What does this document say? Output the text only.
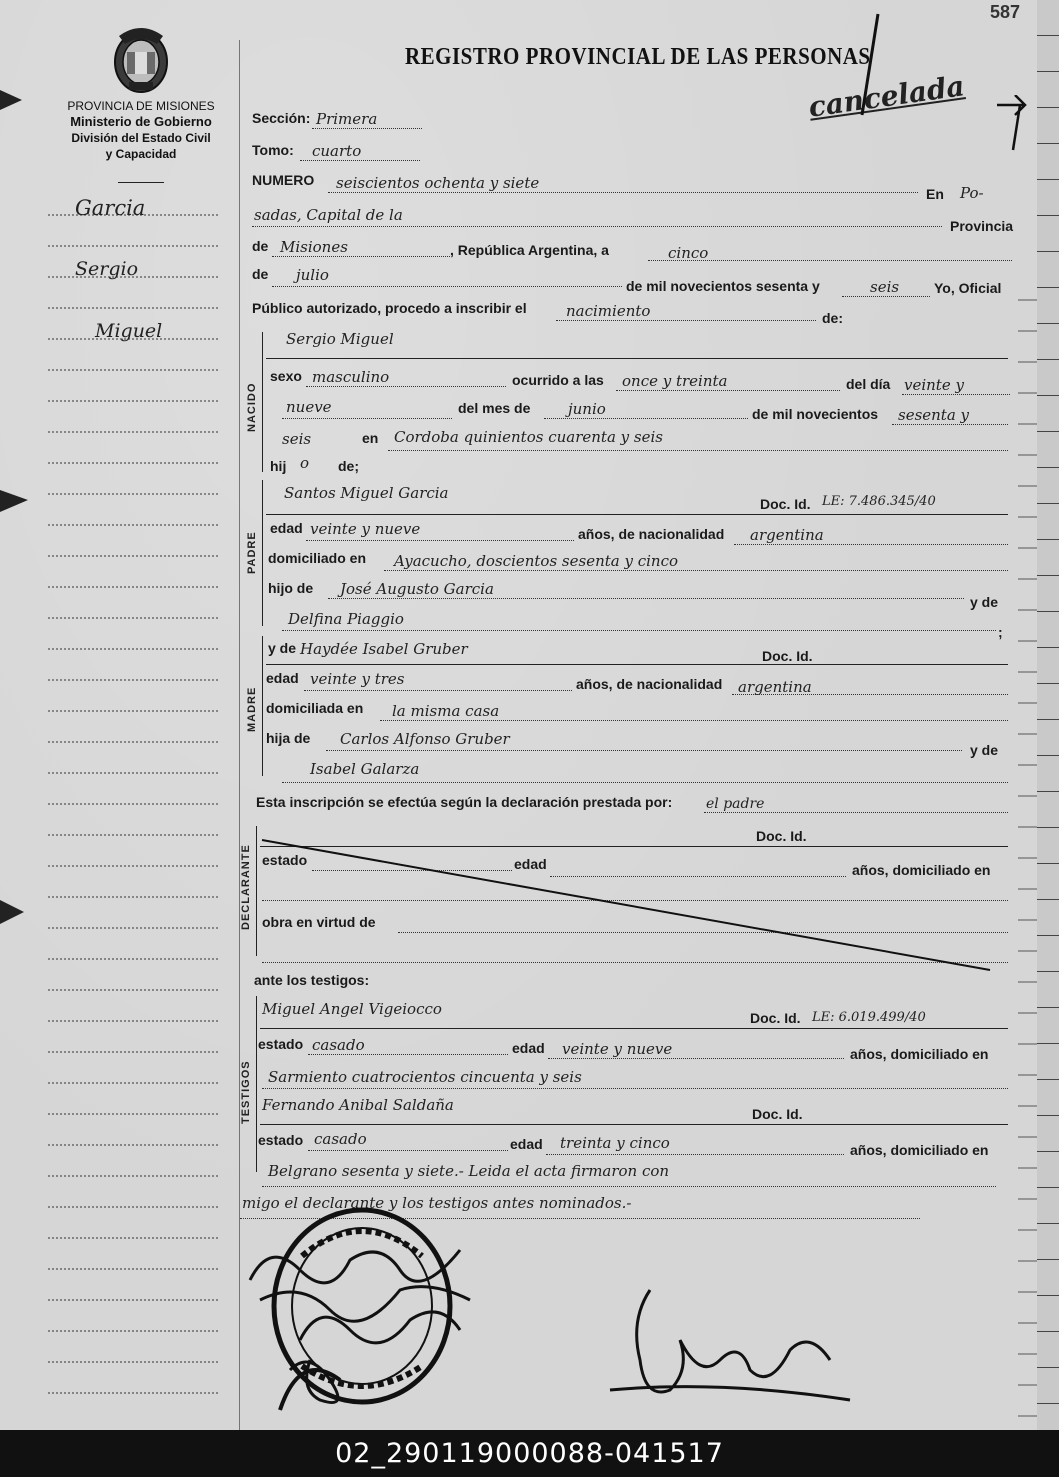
PROVINCIA DE MISIONES
Ministerio de Gobierno
División del Estado Civil
y Capacidad
REGISTRO PROVINCIAL DE LAS PERSONAS
587
cancelada
Garcia
Sergio
Miguel
Sección: Primera
Tomo: cuarto
NUMERO seiscientos ochenta y siete
En Po-
sadas, Capital de la
Provincia
de Misiones	, República Argentina, a	cinco
de julio
de mil novecientos sesenta y	seis Yo, Oficial
Público autorizado, procedo a inscribir el	nacimiento	de:
NACIDO
Sergio Miguel
sexo masculino	ocurrido a las once y treinta	del día veinte y
nueve	del mes de	junio	de mil novecientos sesenta y
seis	en Cordoba quinientos cuarenta y seis
hij o de;
PADRE
Santos Miguel Garcia
Doc. Id. LE: 7.486.345/40
edad veinte y nueve	años, de nacionalidad argentina
domiciliado en Ayacucho, doscientos sesenta y cinco
hijo de José Augusto Garcia
y de
Delfina Piaggio
;
MADRE
y de Haydée Isabel Gruber	Doc. Id.
edad veinte y tres	años, de nacionalidad argentina
domiciliada en la misma casa
hija de Carlos Alfonso Gruber
y de
Isabel Galarza
Esta inscripción se efectúa según la declaración prestada por: el padre
DECLARANTE
Doc. Id.
estado	edad	años, domiciliado en
obra en virtud de
ante los testigos:
TESTIGOS
Miguel Angel Vigeiocco	Doc. Id. LE: 6.019.499/40
estado casado	edad veinte y nueve	años, domiciliado en
Sarmiento cuatrocientos cincuenta y seis
Fernando Anibal Saldaña	Doc. Id.
estado casado	edad treinta y cinco	años, domiciliado en
Belgrano sesenta y siete.- Leida el acta firmaron con
migo el declarante y los testigos antes nominados.-
02_290119000088-041517
